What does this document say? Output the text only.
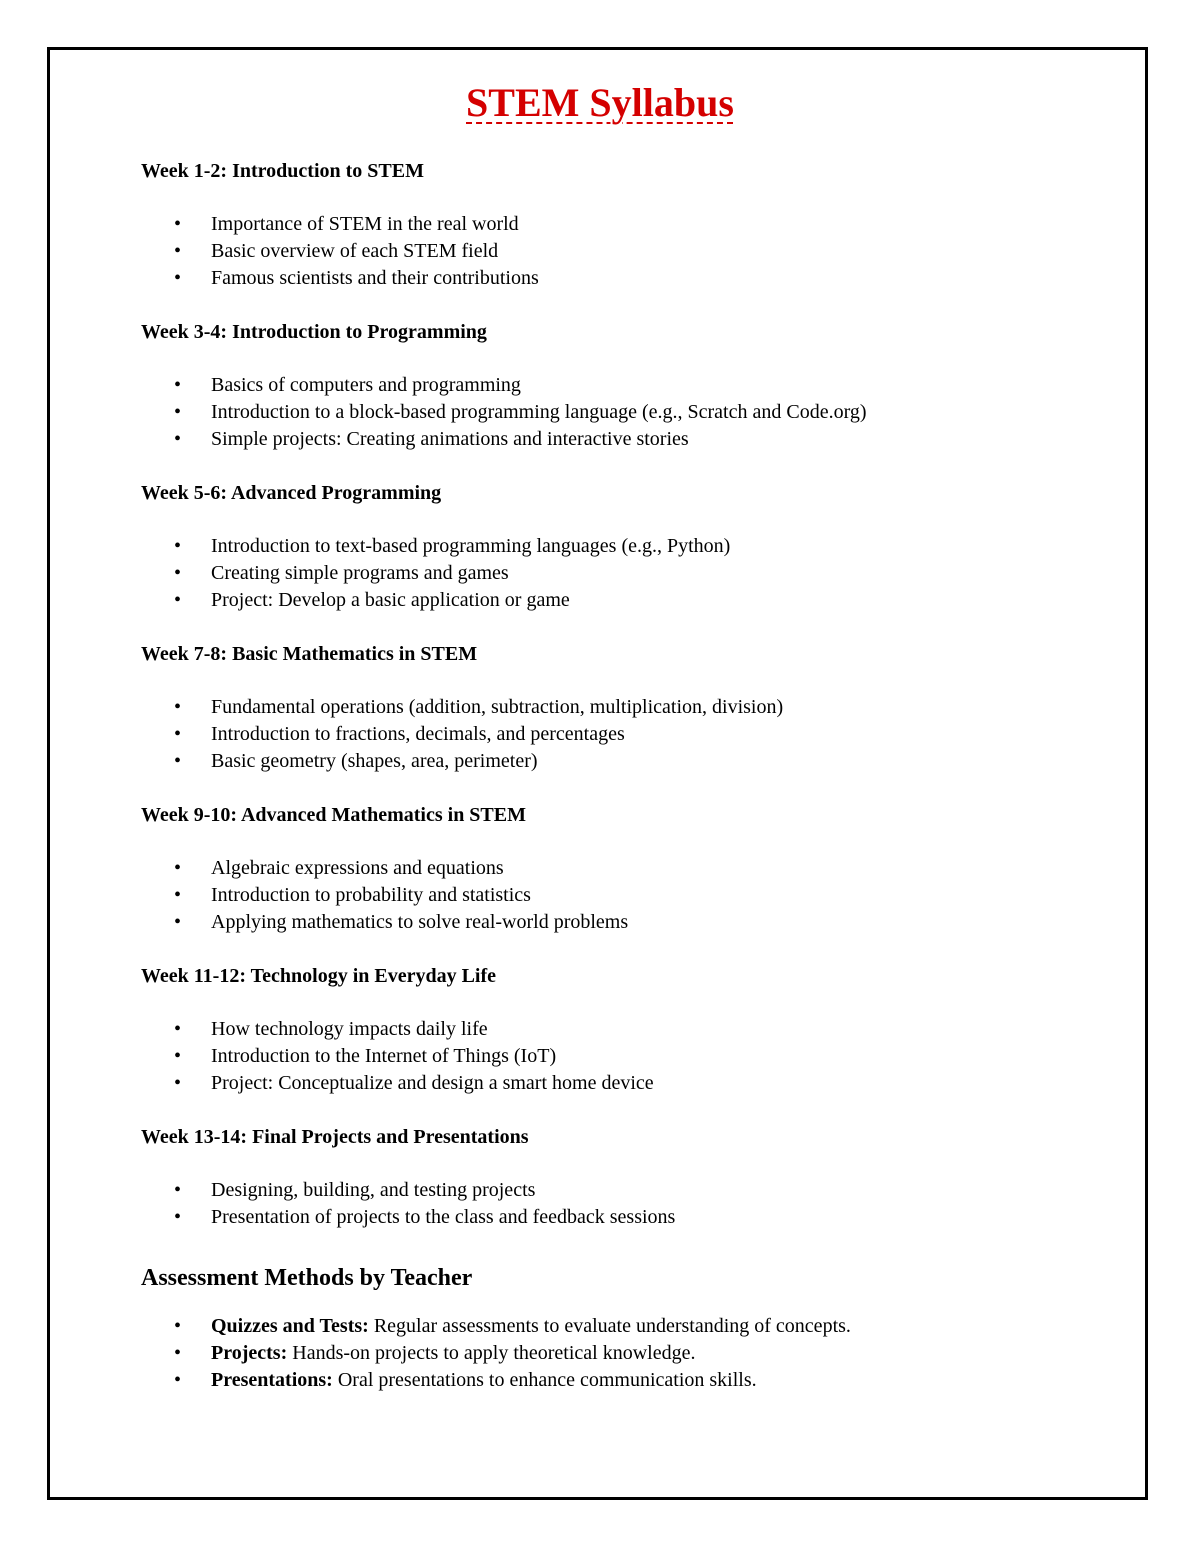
STEM Syllabus
Week 1-2: Introduction to STEM
• Importance of STEM in the real world
• Basic overview of each STEM field
• Famous scientists and their contributions
Week 3-4: Introduction to Programming
• Basics of computers and programming
• Introduction to a block-based programming language (e.g., Scratch and Code.org)
• Simple projects: Creating animations and interactive stories
Week 5-6: Advanced Programming
• Introduction to text-based programming languages (e.g., Python)
• Creating simple programs and games
• Project: Develop a basic application or game
Week 7-8: Basic Mathematics in STEM
• Fundamental operations (addition, subtraction, multiplication, division)
• Introduction to fractions, decimals, and percentages
• Basic geometry (shapes, area, perimeter)
Week 9-10: Advanced Mathematics in STEM
• Algebraic expressions and equations
• Introduction to probability and statistics
• Applying mathematics to solve real-world problems
Week 11-12: Technology in Everyday Life
• How technology impacts daily life
• Introduction to the Internet of Things (IoT)
• Project: Conceptualize and design a smart home device
Week 13-14: Final Projects and Presentations
• Designing, building, and testing projects
• Presentation of projects to the class and feedback sessions
Assessment Methods by Teacher
• Quizzes and Tests: Regular assessments to evaluate understanding of concepts.
• Projects: Hands-on projects to apply theoretical knowledge.
• Presentations: Oral presentations to enhance communication skills.
